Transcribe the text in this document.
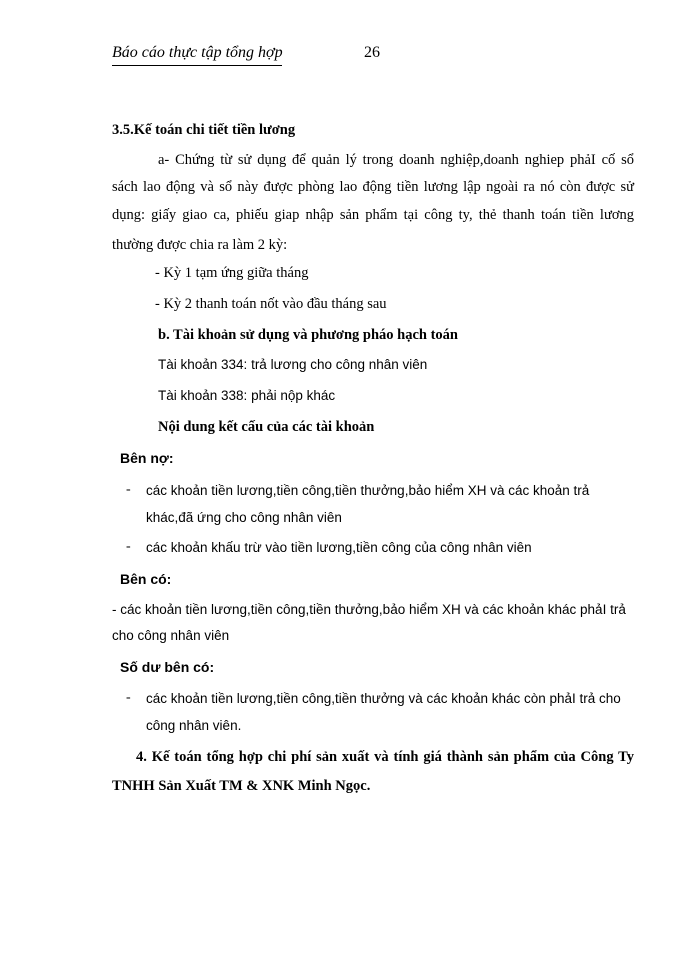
Báo cáo thực tập tổng hợp	26
3.5.Kế toán chi tiết tiền lương
a- Chứng từ sử dụng để quản lý trong doanh nghiệp,doanh nghiep phảI cố sổ
sách lao động và sổ này được phòng lao động tiền lương lập ngoài ra nó còn được sử
dụng: giấy giao ca, phiếu giap nhập sản phẩm tại công ty, thẻ thanh toán tiền lương
thường được chia ra làm 2 kỳ:
- Kỳ 1 tạm ứng giữa tháng
- Kỳ 2 thanh toán nốt vào đầu tháng sau
b. Tài khoản sử dụng và phương pháo hạch toán
Tài khoản 334: trả lương cho công nhân viên
Tài khoản 338: phải nộp khác
Nội dung kết cấu của các tài khoản
Bên nợ:
- các khoản tiền lương,tiền công,tiền thưởng,bảo hiểm XH và các khoản trả
khác,đã ứng cho công nhân viên
- các khoản khấu trừ vào tiền lương,tiền công của công nhân viên
Bên có:
- các khoản tiền lương,tiền công,tiền thưởng,bảo hiểm XH và các khoản khác phảI trả
cho công nhân viên
Số dư bên có:
- các khoản tiền lương,tiền công,tiền thưởng và các khoản khác còn phảI trả cho
công nhân viên.
4. Kế toán tổng hợp chi phí sản xuất và tính giá thành sản phẩm của Công Ty
TNHH Sản Xuất TM & XNK Minh Ngọc.
